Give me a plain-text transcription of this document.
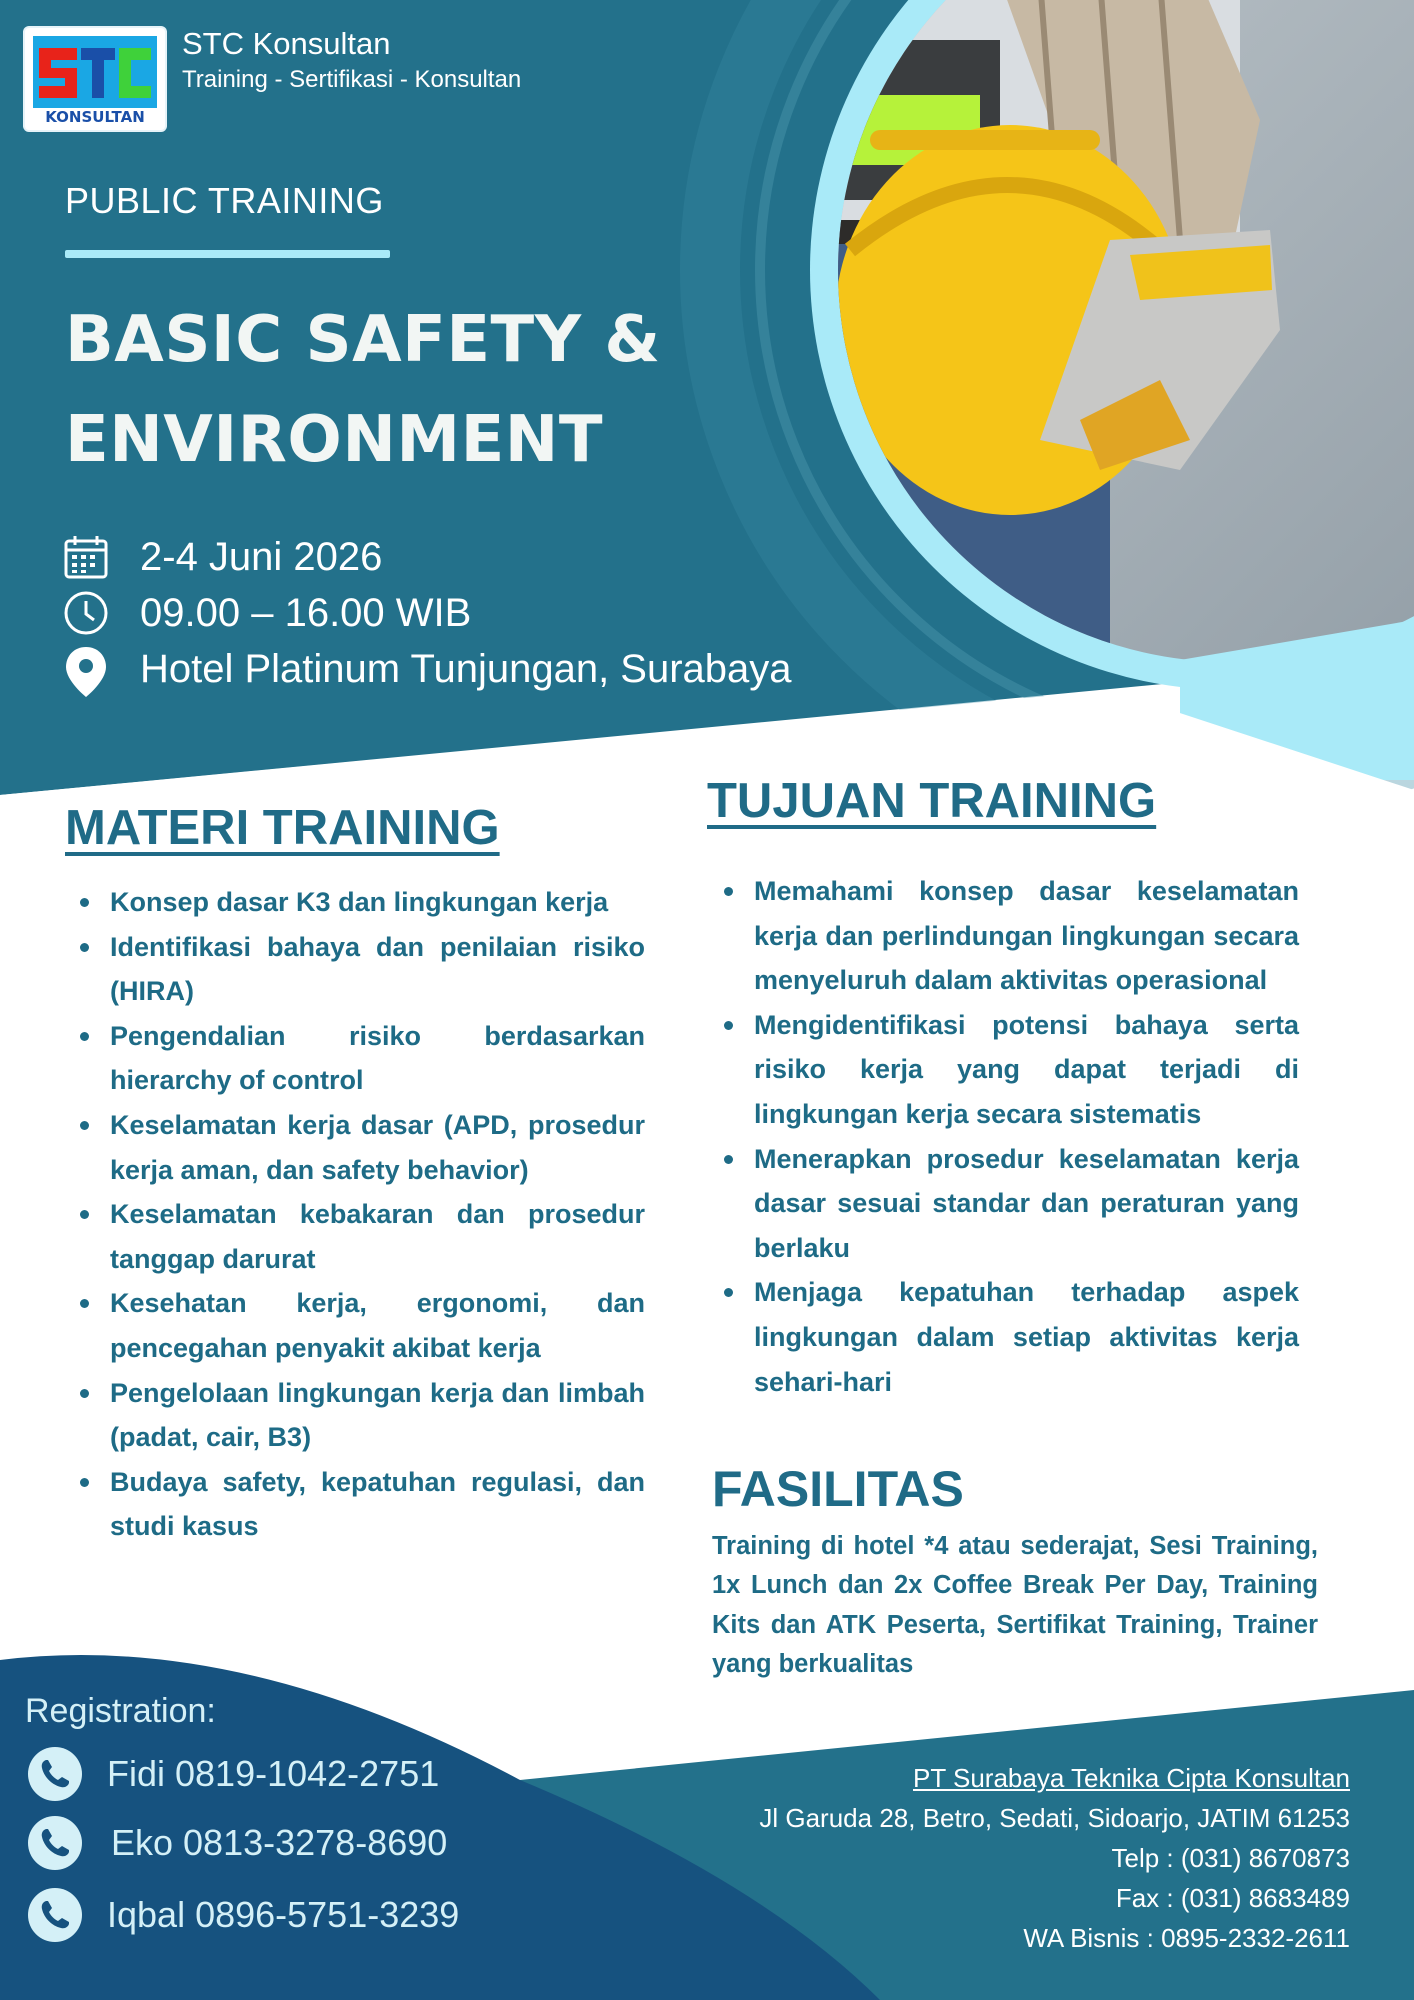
KONSULTAN
STC Konsultan
Training - Sertifikasi - Konsultan
PUBLIC TRAINING
BASIC SAFETY &
ENVIRONMENT
2-4 Juni 2026
09.00 – 16.00 WIB
Hotel Platinum Tunjungan, Surabaya
MATERI TRAINING
Konsep dasar K3 dan lingkungan kerja
Identifikasi bahaya dan penilaian risiko (HIRA)
Pengendalian risiko berdasarkan hierarchy of control
Keselamatan kerja dasar (APD, prosedur kerja aman, dan safety behavior)
Keselamatan kebakaran dan prosedur tanggap darurat
Kesehatan kerja, ergonomi, dan pencegahan penyakit akibat kerja
Pengelolaan lingkungan kerja dan limbah (padat, cair, B3)
Budaya safety, kepatuhan regulasi, dan studi kasus
TUJUAN TRAINING
Memahami konsep dasar keselamatan kerja dan perlindungan lingkungan secara menyeluruh dalam aktivitas operasional
Mengidentifikasi potensi bahaya serta risiko kerja yang dapat terjadi di lingkungan kerja secara sistematis
Menerapkan prosedur keselamatan kerja dasar sesuai standar dan peraturan yang berlaku
Menjaga kepatuhan terhadap aspek lingkungan dalam setiap aktivitas kerja sehari-hari
FASILITAS
Training di hotel *4 atau sederajat, Sesi Training, 1x Lunch dan 2x Coffee Break Per Day, Training Kits dan ATK Peserta, Sertifikat Training, Trainer yang berkualitas
Registration:
Fidi 0819-1042-2751
Eko 0813-3278-8690
Iqbal 0896-5751-3239
PT Surabaya Teknika Cipta Konsultan
Jl Garuda 28, Betro, Sedati, Sidoarjo, JATIM 61253
Telp : (031) 8670873
Fax : (031) 8683489
WA Bisnis : 0895-2332-2611
